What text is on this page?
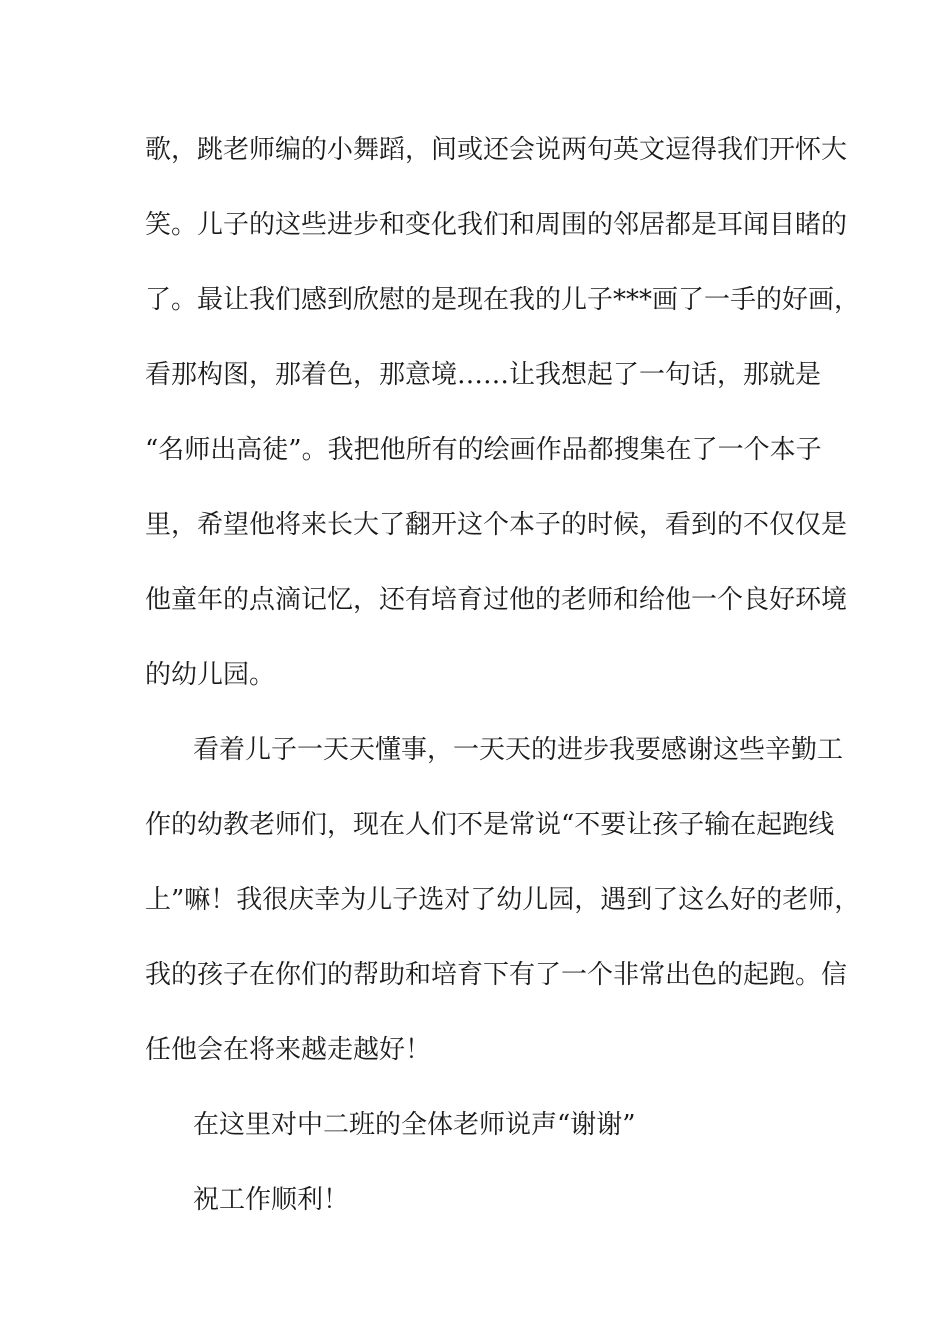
歌，跳老师编的小舞蹈，间或还会说两句英文逗得我们开怀大
笑。儿子的这些进步和变化我们和周围的邻居都是耳闻目睹的
了。最让我们感到欣慰的是现在我的儿子***画了一手的好画，
看那构图，那着色，那意境……让我想起了一句话，那就是
“名师出高徒”。我把他所有的绘画作品都搜集在了一个本子
里，希望他将来长大了翻开这个本子的时候，看到的不仅仅是
他童年的点滴记忆，还有培育过他的老师和给他一个良好环境
的幼儿园。
看着儿子一天天懂事，一天天的进步我要感谢这些辛勤工
作的幼教老师们，现在人们不是常说“不要让孩子输在起跑线
上”嘛！我很庆幸为儿子选对了幼儿园，遇到了这么好的老师，
我的孩子在你们的帮助和培育下有了一个非常出色的起跑。信
任他会在将来越走越好！
在这里对中二班的全体老师说声“谢谢”
祝工作顺利！
